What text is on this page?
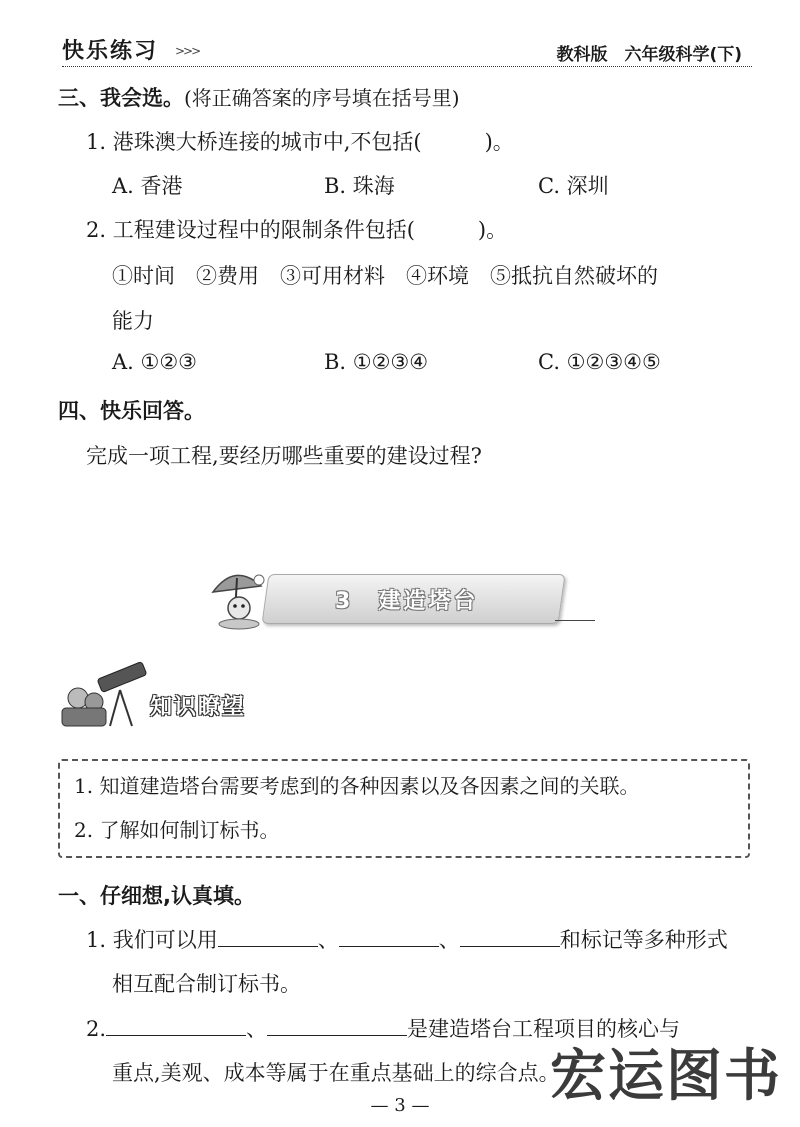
快乐练习 >>>	教科版　六年级科学(下)
三、我会选。(将正确答案的序号填在括号里)
1. 港珠澳大桥连接的城市中,不包括(　　　)。
A. 香港	B. 珠海	C. 深圳
2. 工程建设过程中的限制条件包括(　　　)。
①时间　②费用　③可用材料　④环境　⑤抵抗自然破坏的
能力
A. ①②③	B. ①②③④	C. ①②③④⑤
四、快乐回答。
完成一项工程,要经历哪些重要的建设过程?
3　 建造塔台
知识瞭望
1. 知道建造塔台需要考虑到的各种因素以及各因素之间的关联。
2. 了解如何制订标书。
一、仔细想,认真填。
1. 我们可以用	、	、	和标记等多种形式
相互配合制订标书。
2.	、	是建造塔台工程项目的核心与
重点,美观、成本等属于在重点基础上的综合点。
— 3 —	宏运图书
